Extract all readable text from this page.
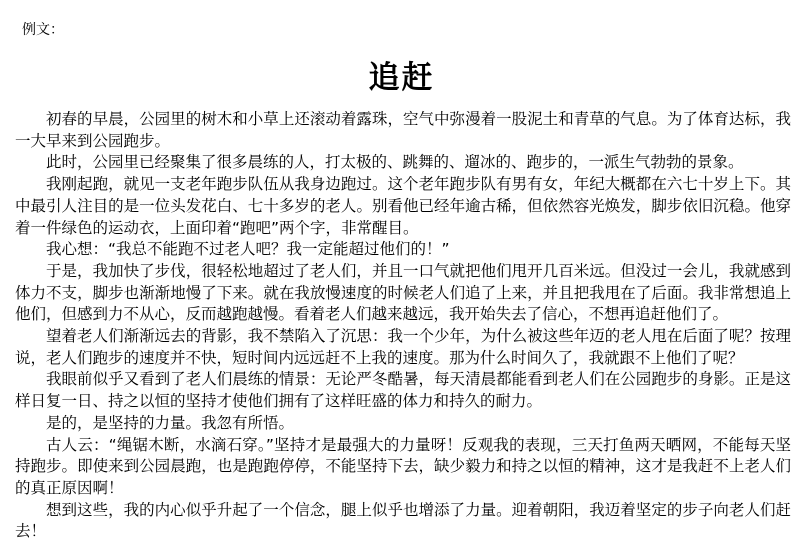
例文：
追赶

初春的早晨，公园里的树木和小草上还滚动着露珠，空气中弥漫着一股泥土和青草的气息。为了体育达标，我一大早来到公园跑步。

此时，公园里已经聚集了很多晨练的人，打太极的、跳舞的、遛冰的、跑步的，一派生气勃勃的景象。

我刚起跑，就见一支老年跑步队伍从我身边跑过。这个老年跑步队有男有女，年纪大概都在六七十岁上下。其中最引人注目的是一位头发花白、七十多岁的老人。别看他已经年逾古稀，但依然容光焕发，脚步依旧沉稳。他穿着一件绿色的运动衣，上面印着“跑吧”两个字，非常醒目。

我心想：“我总不能跑不过老人吧？我一定能超过他们的！”

于是，我加快了步伐，很轻松地超过了老人们，并且一口气就把他们甩开几百米远。但没过一会儿，我就感到体力不支，脚步也渐渐地慢了下来。就在我放慢速度的时候老人们追了上来，并且把我甩在了后面。我非常想追上他们，但感到力不从心，反而越跑越慢。看着老人们越来越远，我开始失去了信心，不想再追赶他们了。

望着老人们渐渐远去的背影，我不禁陷入了沉思：我一个少年，为什么被这些年迈的老人甩在后面了呢？按理说，老人们跑步的速度并不快，短时间内远远赶不上我的速度。那为什么时间久了，我就跟不上他们了呢？

我眼前似乎又看到了老人们晨练的情景：无论严冬酷暑，每天清晨都能看到老人们在公园跑步的身影。正是这样日复一日、持之以恒的坚持才使他们拥有了这样旺盛的体力和持久的耐力。

是的，是坚持的力量。我忽有所悟。

古人云：“绳锯木断，水滴石穿。”坚持才是最强大的力量呀！反观我的表现，三天打鱼两天晒网，不能每天坚持跑步。即使来到公园晨跑，也是跑跑停停，不能坚持下去，缺少毅力和持之以恒的精神，这才是我赶不上老人们的真正原因啊！

想到这些，我的内心似乎升起了一个信念，腿上似乎也增添了力量。迎着朝阳，我迈着坚定的步子向老人们赶去！
